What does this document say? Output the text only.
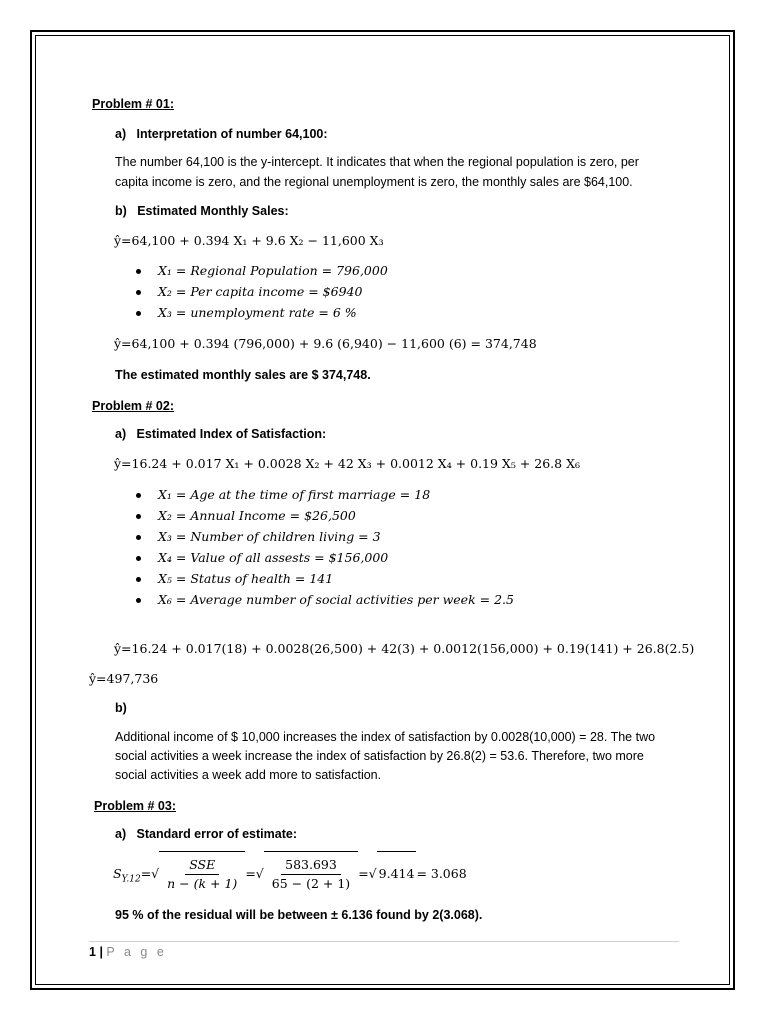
Problem # 01:
a)   Interpretation of number 64,100:
The number 64,100 is the y-intercept. It indicates that when the regional population is zero, per
capita income is zero, and the regional unemployment is zero, the monthly sales are $64,100.
b)   Estimated Monthly Sales:
ŷ=64,100 + 0.394 X₁ + 9.6 X₂ − 11,600 X₃
X₁ = Regional Population = 796,000
X₂ = Per capita income = $6940
X₃ = unemployment rate = 6 %
ŷ=64,100 + 0.394 (796,000) + 9.6 (6,940) − 11,600 (6) = 374,748
The estimated monthly sales are $ 374,748.
Problem # 02:
a)   Estimated Index of Satisfaction:
ŷ=16.24 + 0.017 X₁ + 0.0028 X₂ + 42 X₃ + 0.0012 X₄ + 0.19 X₅ + 26.8 X₆
X₁ = Age at the time of first marriage = 18
X₂ = Annual Income = $26,500
X₃ = Number of children living = 3
X₄ = Value of all assests = $156,000
X₅ = Status of health = 141
X₆ = Average number of social activities per week = 2.5
ŷ=16.24 + 0.017(18) + 0.0028(26,500) + 42(3) + 0.0012(156,000) + 0.19(141) + 26.8(2.5)
ŷ=497,736
b)
Additional income of $ 10,000 increases the index of satisfaction by 0.0028(10,000) = 28. The two
social activities a week increase the index of satisfaction by 26.8(2) = 53.6. Therefore, two more
social activities a week add more to satisfaction.
Problem # 03:
a)   Standard error of estimate:
$S_{Y.12}=√ \frac{\text{SSE}}{n - (k + 1)}$ =√ $\frac{583.693}{65 - (2 + 1)}$ =√ 9.414 = 3.068
95 % of the residual will be between ± 6.136 found by 2(3.068).
1 | P a g e
